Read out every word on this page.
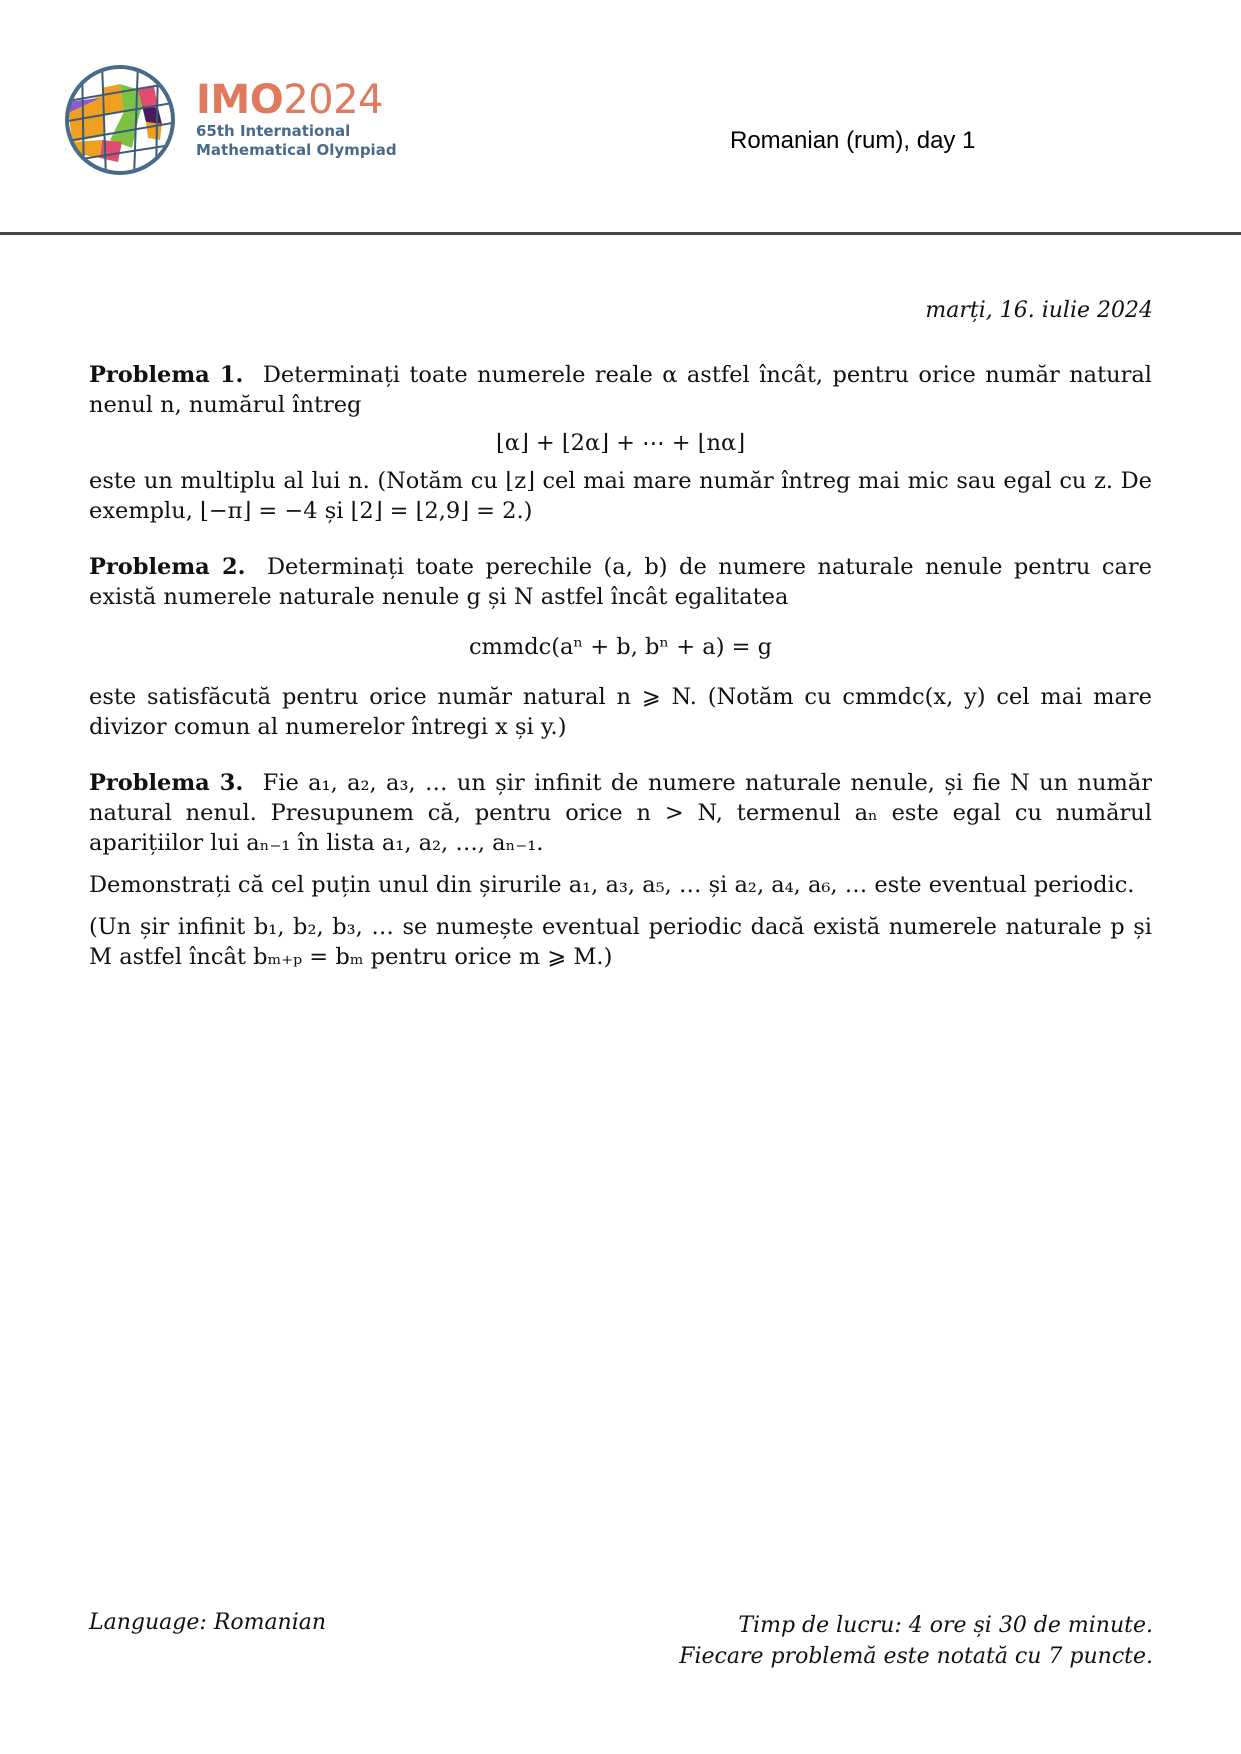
IMO2024
65th International
Mathematical Olympiad	Romanian (rum), day 1
marți, 16. iulie 2024

Problema 1. Determinați toate numerele reale α astfel încât, pentru orice număr natural nenul n, numărul întreg

⌊α⌋ + ⌊2α⌋ + ⋯ + ⌊nα⌋

este un multiplu al lui n. (Notăm cu ⌊z⌋ cel mai mare număr întreg mai mic sau egal cu z. De exemplu, ⌊−π⌋ = −4 și ⌊2⌋ = ⌊2,9⌋ = 2.)

Problema 2. Determinați toate perechile (a, b) de numere naturale nenule pentru care există numerele naturale nenule g și N astfel încât egalitatea

cmmdc(aⁿ + b, bⁿ + a) = g

este satisfăcută pentru orice număr natural n ⩾ N. (Notăm cu cmmdc(x, y) cel mai mare divizor comun al numerelor întregi x și y.)

Problema 3. Fie a₁, a₂, a₃, … un șir infinit de numere naturale nenule, și fie N un număr natural nenul. Presupunem că, pentru orice n > N, termenul aₙ este egal cu numărul aparițiilor lui aₙ₋₁ în lista a₁, a₂, …, aₙ₋₁.

Demonstrați că cel puțin unul din șirurile a₁, a₃, a₅, … și a₂, a₄, a₆, … este eventual periodic.

(Un șir infinit b₁, b₂, b₃, … se numește eventual periodic dacă există numerele naturale p și M astfel încât bₘ₊ₚ = bₘ pentru orice m ⩾ M.)

Language: Romanian	Timp de lucru: 4 ore și 30 de minute.
Fiecare problemă este notată cu 7 puncte.
